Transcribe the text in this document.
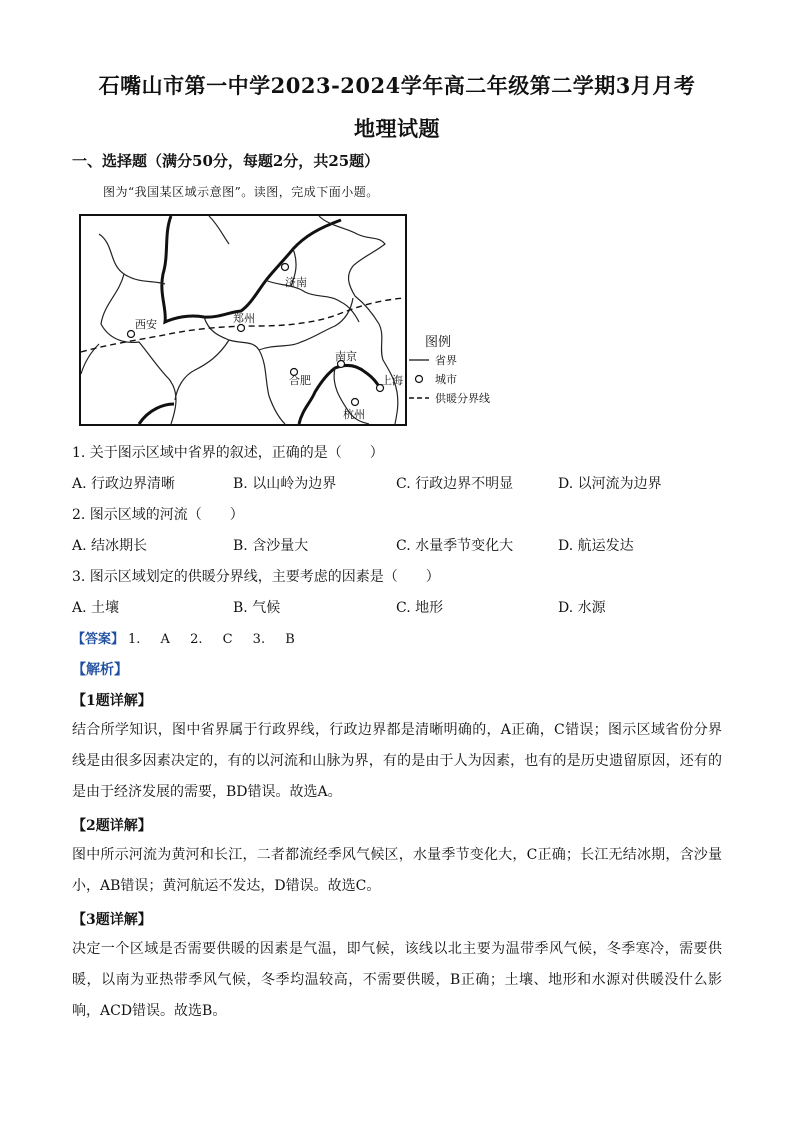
石嘴山市第一中学2023-2024学年高二年级第二学期3月月考
地理试题
一、选择题（满分50分，每题2分，共25题）
图为“我国某区域示意图”。读图，完成下面小题。
济南
西安	郑州
南京
合肥	上海
杭州
图例
省界
城市
供暖分界线
1. 关于图示区域中省界的叙述，正确的是（　　）
A. 行政边界清晰	B. 以山岭为边界	C. 行政边界不明显	D. 以河流为边界
2. 图示区域的河流（　　）
A. 结冰期长	B. 含沙量大	C. 水量季节变化大	D. 航运发达
3. 图示区域划定的供暖分界线，主要考虑的因素是（　　）
A. 土壤	B. 气候	C. 地形	D. 水源
【答案】 1. A 2. C 3. B
【解析】
【1题详解】
结合所学知识，图中省界属于行政界线，行政边界都是清晰明确的，A正确，C错误；图示区域省份分界线是由很多因素决定的，有的以河流和山脉为界，有的是由于人为因素，也有的是历史遗留原因，还有的是由于经济发展的需要，BD错误。故选A。
【2题详解】
图中所示河流为黄河和长江，二者都流经季风气候区，水量季节变化大，C正确；长江无结冰期，含沙量小，AB错误；黄河航运不发达，D错误。故选C。
【3题详解】
决定一个区域是否需要供暖的因素是气温，即气候，该线以北主要为温带季风气候，冬季寒冷，需要供暖，以南为亚热带季风气候，冬季均温较高，不需要供暖，B正确；土壤、地形和水源对供暖没什么影响，ACD错误。故选B。
